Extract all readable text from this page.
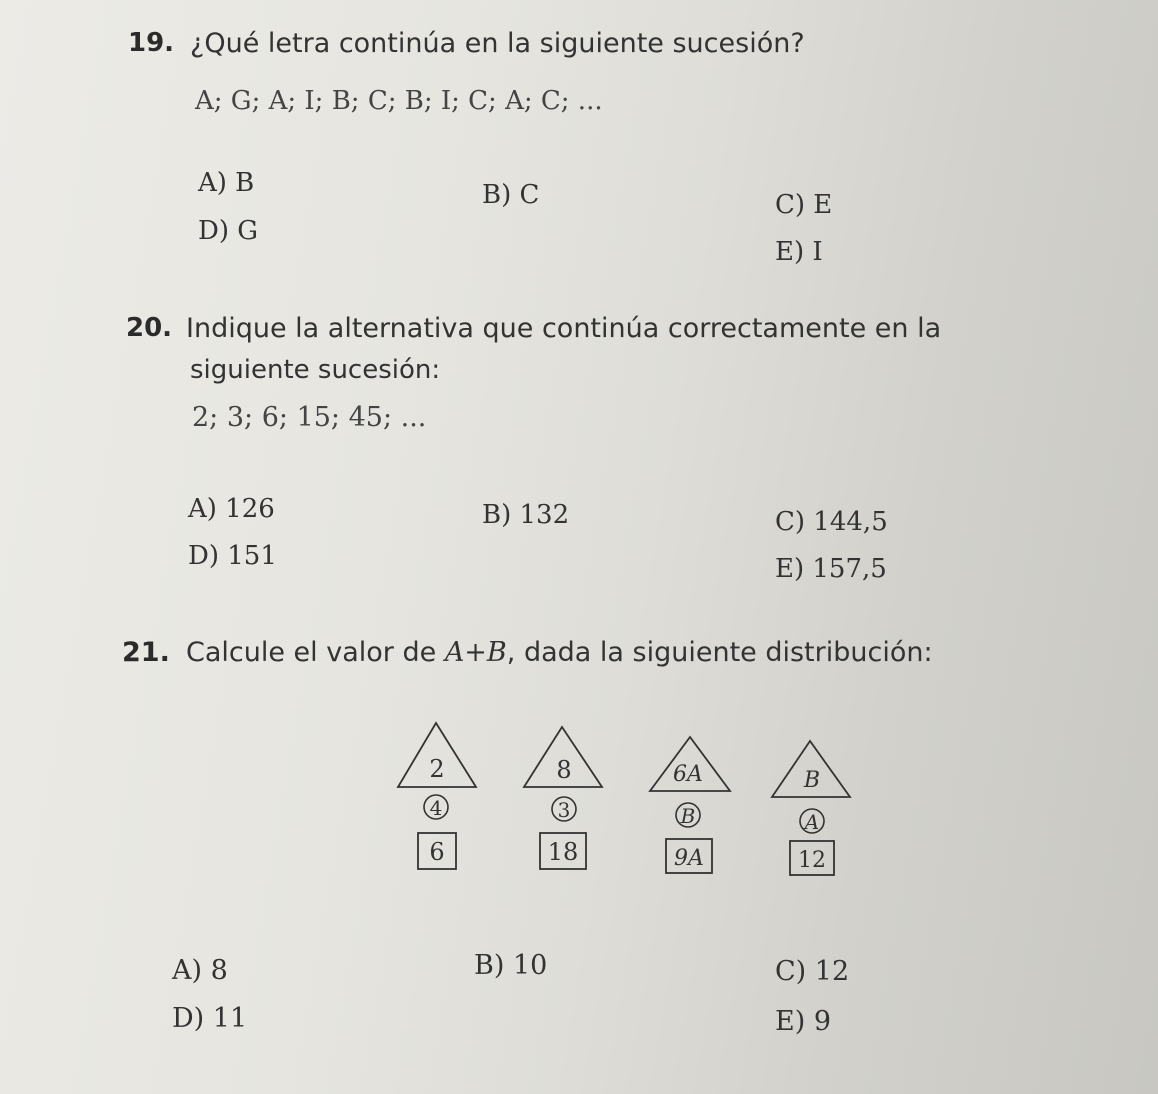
19. ¿Qué letra continúa en la siguiente sucesión?
A; G; A; I; B; C; B; I; C; A; C; ...
A) B	B) C	C) E
D) G
E) I
20. Indique la alternativa que continúa correctamente en la
siguiente sucesión:
2; 3; 6; 15; 45; ...
A) 126	B) 132	C) 144,5
D) 151	E) 157,5
21. Calcule el valor de A+B, dada la siguiente distribución:
2
4
6
8
3
18
6A
B
9A
B
A
12
A) 8	B) 10	C) 12
D) 11	E) 9
